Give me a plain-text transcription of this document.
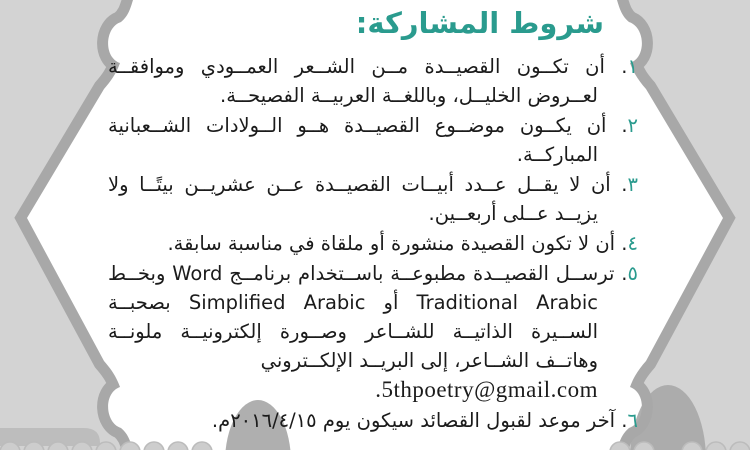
شروط المشاركة:
١. أن تكــون القصيــدة مــن الشــعر العمــودي وموافقــة لعــروض الخليــل، وباللغــة العربيــة الفصيحــة.
٢. أن يكــون موضــوع القصيــدة هــو الــولادات الشــعبانية المباركــة.
٣. أن لا يقــل عــدد أبيــات القصيــدة عــن عشريــن بيتًــا ولا يزيــد عــلى أربعــين.
٤. أن لا تكون القصيدة منشورة أو ملقاة في مناسبة سابقة.
٥. ترســل القصيــدة مطبوعــة باســتخدام برنامــج Word وبخــط Traditional Arabic أو Simplified Arabic بصحبــة الســيرة الذاتيــة للشــاعر وصــورة إلكترونيــة ملونــة وهاتــف الشــاعر، إلى البريــد الإلكــتروني
5thpoetry@gmail.com.
٦. آخر موعد لقبول القصائد سيكون يوم ٢٠١٦/٤/١٥م.
